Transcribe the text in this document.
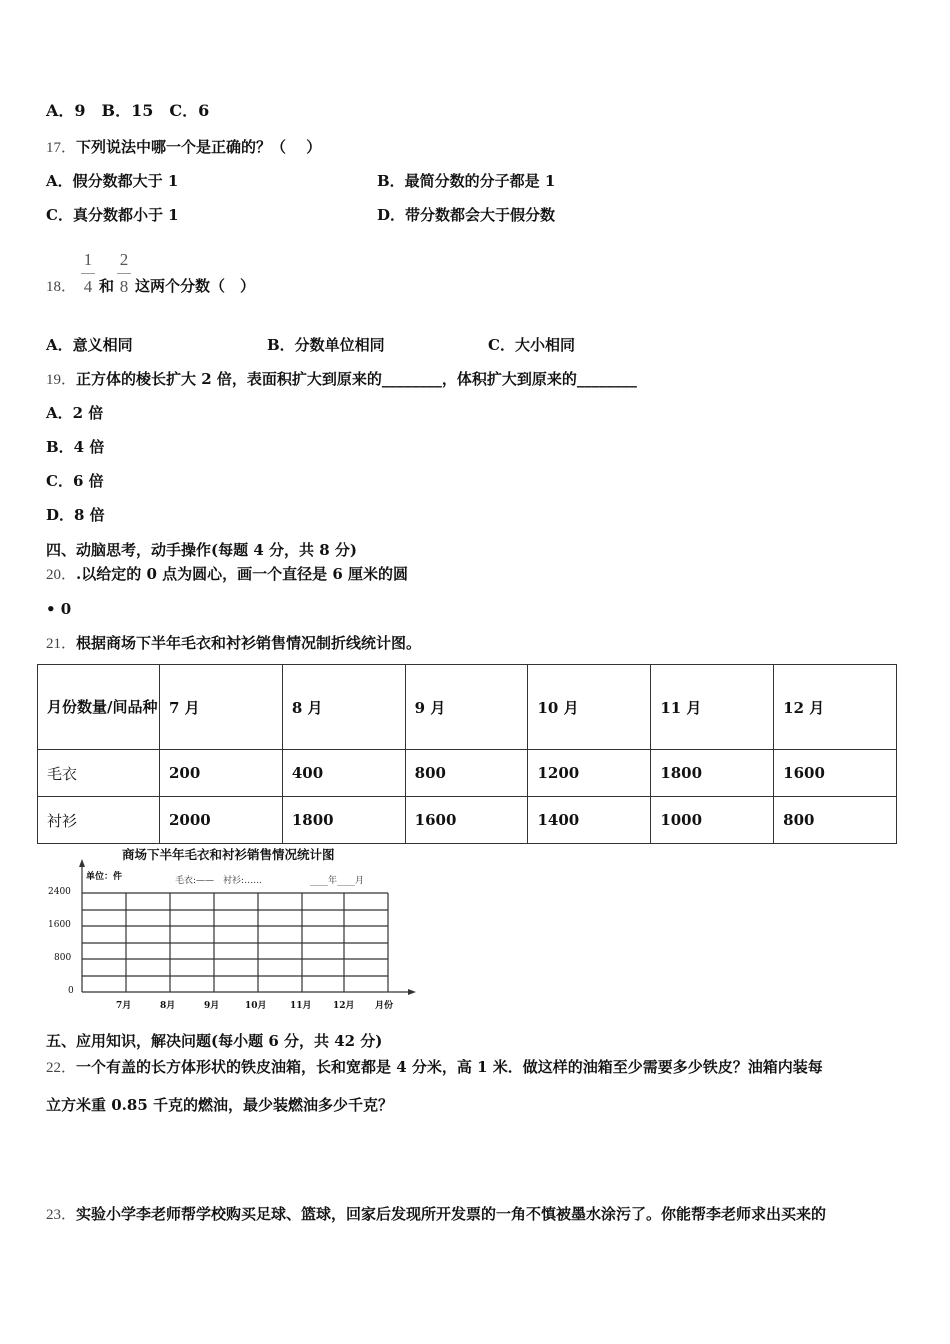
A．9　B．15　C．6
17．下列说法中哪一个是正确的？（　 ）
A．假分数都大于 1	B．最简分数的分子都是 1
C．真分数都小于 1	D．带分数都会大于假分数
18．
1
4 和
2
8 这两个分数（　）
A．意义相同	B．分数单位相同	C．大小相同
19．正方体的棱长扩大 2 倍，表面积扩大到原来的________，体积扩大到原来的________
A．2 倍
B．4 倍
C．6 倍
D．8 倍
四、动脑思考，动手操作(每题 4 分，共 8 分)
20．.以给定的 0 点为圆心，画一个直径是 6 厘米的圆
• 0
21．根据商场下半年毛衣和衬衫销售情况制折线统计图。
月份数量/间品种	7 月	8 月	9 月	10 月	11 月	12 月
毛衣	200	400	800	1200	1800	1600
衬衫	2000	1800	1600	1400	1000	800
商场下半年毛衣和衬衫销售情况统计图
单位：件	毛衣:——　衬衫:……	____年____月
2400
1600
800
0
7月	8月	9月	10月	11月 12月 月份
五、应用知识，解决问题(每小题 6 分，共 42 分)
22．一个有盖的长方体形状的铁皮油箱，长和宽都是 4 分米，高 1 米．做这样的油箱至少需要多少铁皮？油箱内装每
立方米重 0.85 千克的燃油，最少装燃油多少千克？
23．实验小学李老师帮学校购买足球、篮球，回家后发现所开发票的一角不慎被墨水涂污了。你能帮李老师求出买来的
